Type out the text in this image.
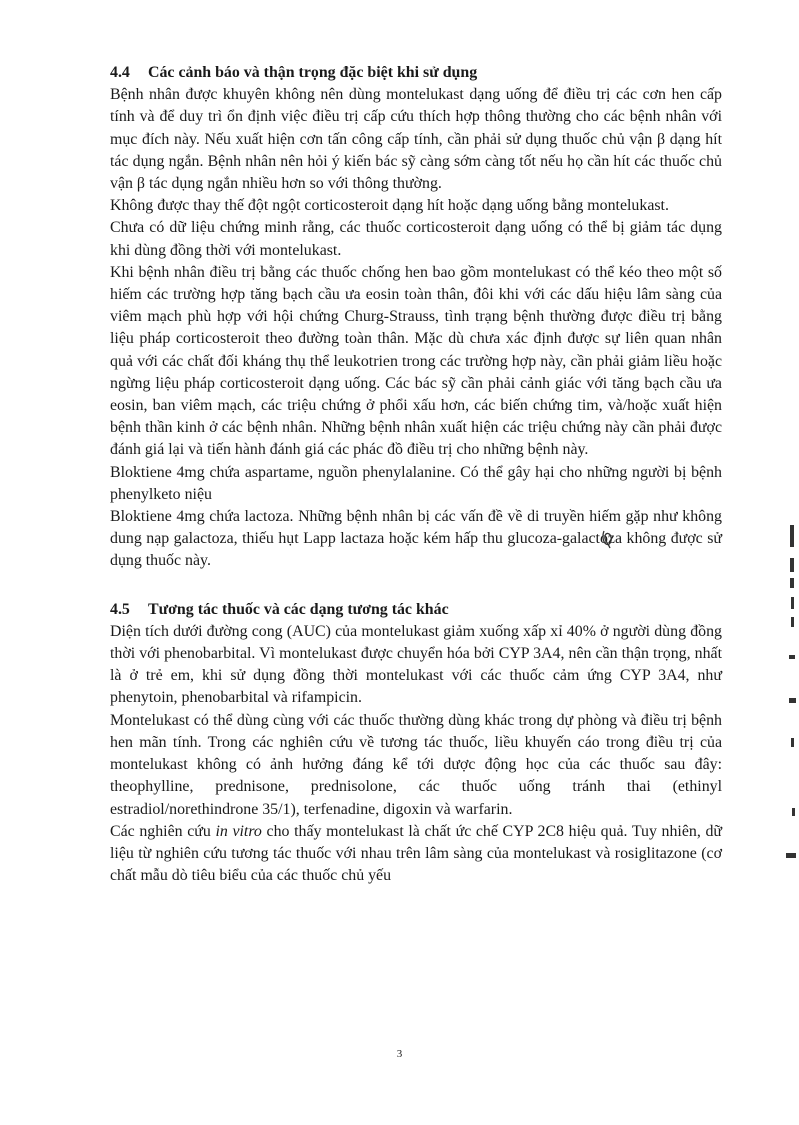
4.4 Các cảnh báo và thận trọng đặc biệt khi sử dụng

Bệnh nhân được khuyên không nên dùng montelukast dạng uống để điều trị các cơn hen cấp tính và để duy trì ổn định việc điều trị cấp cứu thích hợp thông thường cho các bệnh nhân với mục đích này. Nếu xuất hiện cơn tấn công cấp tính, cần phải sử dụng thuốc chủ vận β dạng hít tác dụng ngắn. Bệnh nhân nên hỏi ý kiến bác sỹ càng sớm càng tốt nếu họ cần hít các thuốc chủ vận β tác dụng ngắn nhiều hơn so với thông thường.

Không được thay thế đột ngột corticosteroit dạng hít hoặc dạng uống bằng montelukast.

Chưa có dữ liệu chứng minh rằng, các thuốc corticosteroit dạng uống có thể bị giảm tác dụng khi dùng đồng thời với montelukast.

Khi bệnh nhân điều trị bằng các thuốc chống hen bao gồm montelukast có thể kéo theo một số hiếm các trường hợp tăng bạch cầu ưa eosin toàn thân, đôi khi với các dấu hiệu lâm sàng của viêm mạch phù hợp với hội chứng Churg-Strauss, tình trạng bệnh thường được điều trị bằng liệu pháp corticosteroit theo đường toàn thân. Mặc dù chưa xác định được sự liên quan nhân quả với các chất đối kháng thụ thể leukotrien trong các trường hợp này, cần phải giảm liều hoặc ngừng liệu pháp corticosteroit dạng uống. Các bác sỹ cần phải cảnh giác với tăng bạch cầu ưa eosin, ban viêm mạch, các triệu chứng ở phổi xấu hơn, các biến chứng tim, và/hoặc xuất hiện bệnh thần kinh ở các bệnh nhân. Những bệnh nhân xuất hiện các triệu chứng này cần phải được đánh giá lại và tiến hành đánh giá các phác đồ điều trị cho những bệnh này.

Bloktiene 4mg chứa aspartame, nguồn phenylalanine. Có thể gây hại cho những người bị bệnh phenylketo niệu

Bloktiene 4mg chứa lactoza. Những bệnh nhân bị các vấn đề về di truyền hiếm gặp như không dung nạp galactoza, thiếu hụt Lapp lactaza hoặc kém hấp thu glucoza-galactoza không được sử dụng thuốc này.

4.5 Tương tác thuốc và các dạng tương tác khác

Diện tích dưới đường cong (AUC) của montelukast giảm xuống xấp xỉ 40% ở người dùng đồng thời với phenobarbital. Vì montelukast được chuyển hóa bởi CYP 3A4, nên cần thận trọng, nhất là ở trẻ em, khi sử dụng đồng thời montelukast với các thuốc cảm ứng CYP 3A4, như phenytoin, phenobarbital và rifampicin.

Montelukast có thể dùng cùng với các thuốc thường dùng khác trong dự phòng và điều trị bệnh hen mãn tính. Trong các nghiên cứu về tương tác thuốc, liều khuyến cáo trong điều trị của montelukast không có ảnh hưởng đáng kể tới dược động học của các thuốc sau đây: theophylline, prednisone, prednisolone, các thuốc uống tránh thai (ethinyl estradiol/norethindrone 35/1), terfenadine, digoxin và warfarin.

Các nghiên cứu in vitro cho thấy montelukast là chất ức chế CYP 2C8 hiệu quả. Tuy nhiên, dữ liệu từ nghiên cứu tương tác thuốc với nhau trên lâm sàng của montelukast và rosiglitazone (cơ chất mẫu dò tiêu biểu của các thuốc chủ yếu

3
